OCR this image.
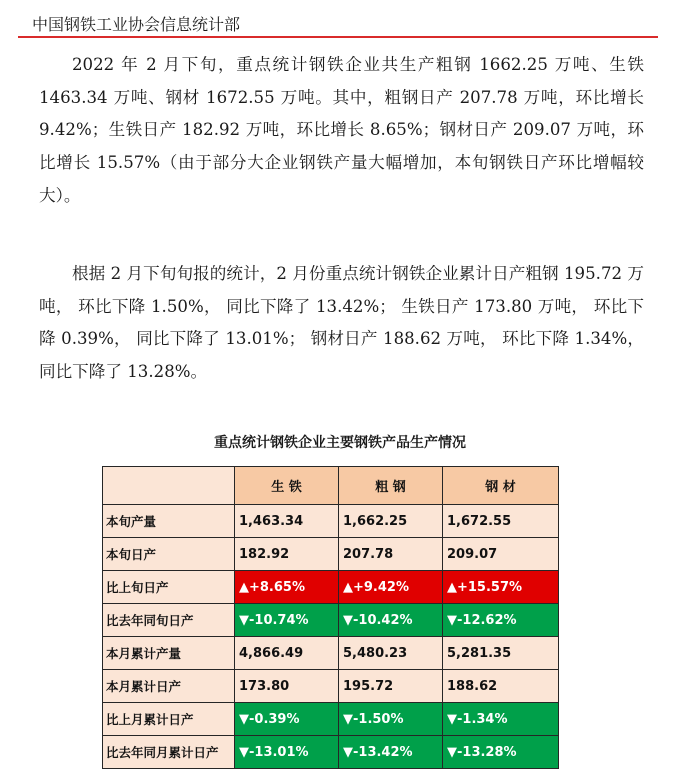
中国钢铁工业协会信息统计部

2022 年 2 月下旬，重点统计钢铁企业共生产粗钢 1662.25 万吨、生铁 1463.34 万吨、钢材 1672.55 万吨。其中，粗钢日产 207.78 万吨，环比增长 9.42%；生铁日产 182.92 万吨，环比增长 8.65%；钢材日产 209.07 万吨，环比增长 15.57%（由于部分大企业钢铁产量大幅增加，本旬钢铁日产环比增幅较大）。

根据 2 月下旬旬报的统计，2 月份重点统计钢铁企业累计日产粗钢 195.72 万吨， 环比下降 1.50%， 同比下降了 13.42%； 生铁日产 173.80 万吨， 环比下降 0.39%， 同比下降了 13.01%； 钢材日产 188.62 万吨， 环比下降 1.34%， 同比下降了 13.28%。

重点统计钢铁企业主要钢铁产品生产情况
	生 铁	粗 钢	钢 材
本旬产量	1,463.34	1,662.25	1,672.55
本旬日产	182.92	207.78	209.07
比上旬日产	▲+8.65%	▲+9.42%	▲+15.57%
比去年同旬日产	▼-10.74%	▼-10.42%	▼-12.62%
本月累计产量	4,866.49	5,480.23	5,281.35
本月累计日产	173.80	195.72	188.62
比上月累计日产	▼-0.39%	▼-1.50%	▼-1.34%
比去年同月累计日产	▼-13.01%	▼-13.42%	▼-13.28%
